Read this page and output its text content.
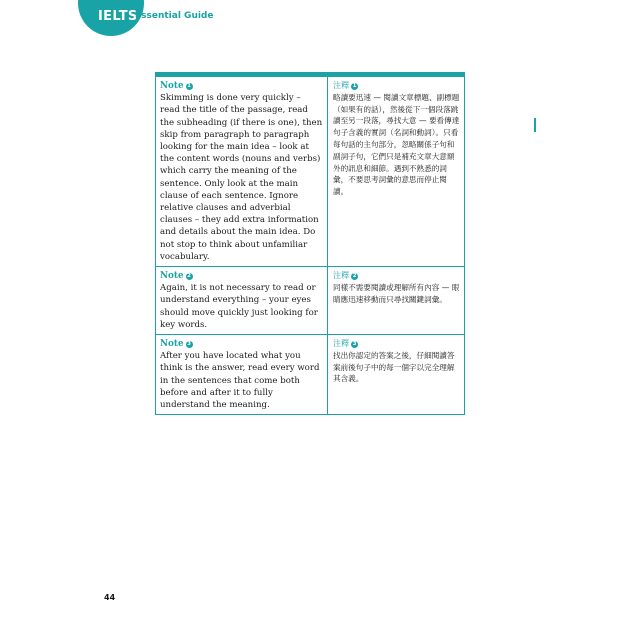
IELTS
Essential Guide
Note 1

Skimming is done very quickly – read the title of the passage, read the subheading (if there is one), then skip from paragraph to paragraph looking for the main idea – look at the content words (nouns and verbs) which carry the meaning of the sentence. Only look at the main clause of each sentence. Ignore relative clauses and adverbial clauses – they add extra information and details about the main idea. Do not stop to think about unfamiliar vocabulary.

注釋 1

略讀要迅速 — 閱讀文章標題、副標題（如果有的話），然後從下一個段落跳讀至另一段落，尋找大意 — 要看傳達句子含義的實詞（名詞和動詞）。只看每句話的主句部分，忽略關係子句和副詞子句，它們只是補充文章大意額外的訊息和細節。遇到不熟悉的詞彙，不要思考詞彙的意思而停止閱讀。

Note 2

Again, it is not necessary to read or understand everything – your eyes should move quickly just looking for key words.

注釋 2

同樣不需要閱讀或理解所有內容 — 眼睛應迅速移動而只尋找關鍵詞彙。

Note 3

After you have located what you think is the answer, read every word in the sentences that come both before and after it to fully understand the meaning.

注釋 3

找出你認定的答案之後，仔細閱讀答案前後句子中的每一個字以完全理解其含義。

44
